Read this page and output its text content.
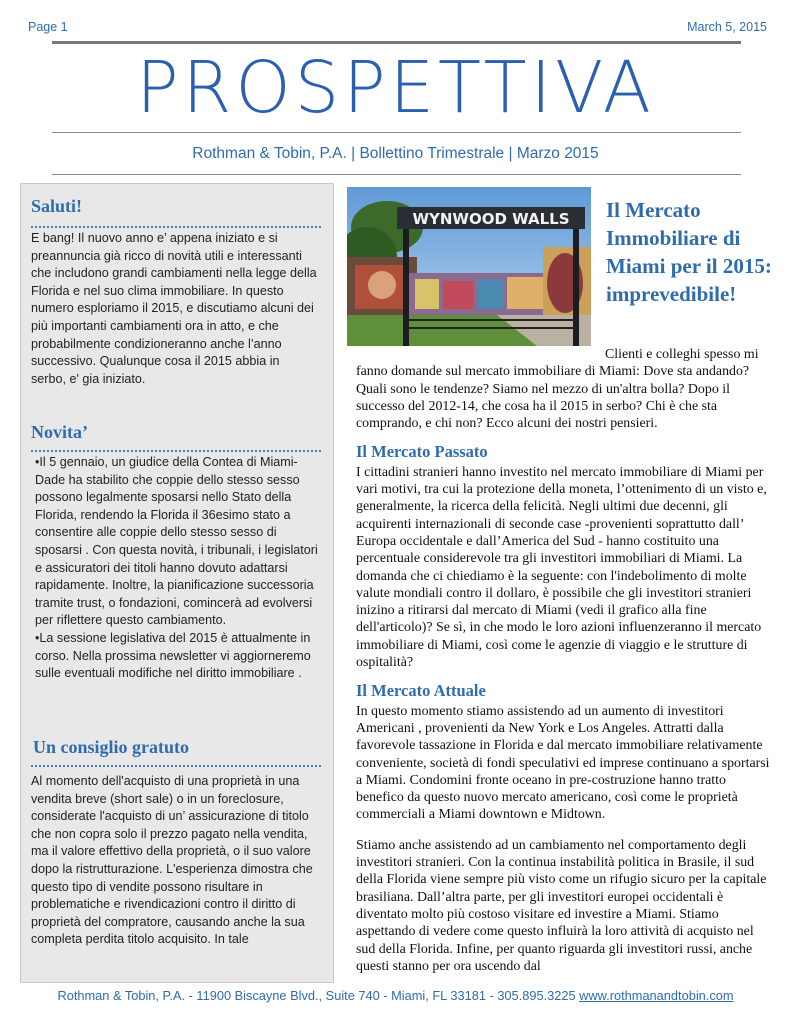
Page 1	March 5, 2015
PROSPETTIVA
Rothman & Tobin, P.A. | Bollettino Trimestrale | Marzo 2015
Saluti!

E bang! Il nuovo anno e’ appena iniziato e si preannuncia già ricco di novità utili e interessanti che includono grandi cambiamenti nella legge della Florida e nel suo clima immobiliare. In questo numero esploriamo il 2015, e discutiamo alcuni dei più importanti cambiamenti ora in atto, e che probabilmente condizioneranno anche l’anno successivo. Qualunque cosa il 2015 abbia in serbo, e' gia iniziato.

Novita’

•Il 5 gennaio, un giudice della Contea di Miami- Dade ha stabilito che coppie dello stesso sesso possono legalmente sposarsi nello Stato della Florida, rendendo la Florida il 36esimo stato a consentire alle coppie dello stesso sesso di sposarsi . Con questa novità, i tribunali, i legislatori e assicuratori dei titoli hanno dovuto adattarsi rapidamente. Inoltre, la pianificazione successoria tramite trust, o fondazioni, comincerà ad evolversi per riflettere questo cambiamento.

•La sessione legislativa del 2015 è attualmente in corso. Nella prossima newsletter vi aggiorneremo sulle eventuali modifiche nel diritto immobiliare .

Un consiglio gratuto

Al momento dell'acquisto di una proprietà in una vendita breve (short sale) o in un foreclosure, considerate l'acquisto di un’ assicurazione di titolo che non copra solo il prezzo pagato nella vendita, ma il valore effettivo della proprietà, o il suo valore dopo la ristrutturazione. L'esperienza dimostra che questo tipo di vendite possono risultare in problematiche e rivendicazioni contro il diritto di proprietà del compratore, causando anche la sua completa perdita titolo acquisito. In tale

WYNWOOD WALLS Il Mercato Immobiliare di Miami per il 2015: imprevedibile!

Clienti e colleghi spesso mi fanno domande sul mercato immobiliare di Miami: Dove sta andando? Quali sono le tendenze? Siamo nel mezzo di un'altra bolla? Dopo il successo del 2012-14, che cosa ha il 2015 in serbo? Chi è che sta comprando, e chi non? Ecco alcuni dei nostri pensieri.

Il Mercato Passato

I cittadini stranieri hanno investito nel mercato immobiliare di Miami per vari motivi, tra cui la protezione della moneta, l’ottenimento di un visto e, generalmente, la ricerca della felicità. Negli ultimi due decenni, gli acquirenti internazionali di seconde case -provenienti soprattutto dall’ Europa occidentale e dall’America del Sud - hanno costituito una percentuale considerevole tra gli investitori immobiliari di Miami. La domanda che ci chiediamo è la seguente: con l'indebolimento di molte valute mondiali contro il dollaro, è possibile che gli investitori stranieri inizino a ritirarsi dal mercato di Miami (vedi il grafico alla fine dell'articolo)? Se sì, in che modo le loro azioni influenzeranno il mercato immobiliare di Miami, così come le agenzie di viaggio e le strutture di ospitalità?

Il Mercato Attuale

In questo momento stiamo assistendo ad un aumento di investitori Americani , provenienti da New York e Los Angeles. Attratti dalla favorevole tassazione in Florida e dal mercato immobiliare relativamente conveniente, società di fondi speculativi ed imprese continuano a sportarsi a Miami. Condomini fronte oceano in pre-costruzione hanno tratto benefico da questo nuovo mercato americano, così come le proprietà commerciali a Miami downtown e Midtown.

Stiamo anche assistendo ad un cambiamento nel comportamento degli investitori stranieri. Con la continua instabilità politica in Brasile, il sud della Florida viene sempre più visto come un rifugio sicuro per la capitale brasiliana. Dall’altra parte, per gli investitori europei occidentali è diventato molto più costoso visitare ed investire a Miami. Stiamo aspettando di vedere come questo influirà la loro attività di acquisto nel sud della Florida. Infine, per quanto riguarda gli investitori russi, anche questi stanno per ora uscendo dal

Rothman & Tobin, P.A. - 11900 Biscayne Blvd., Suite 740 - Miami, FL 33181 - 305.895.3225 www.rothmanandtobin.com
